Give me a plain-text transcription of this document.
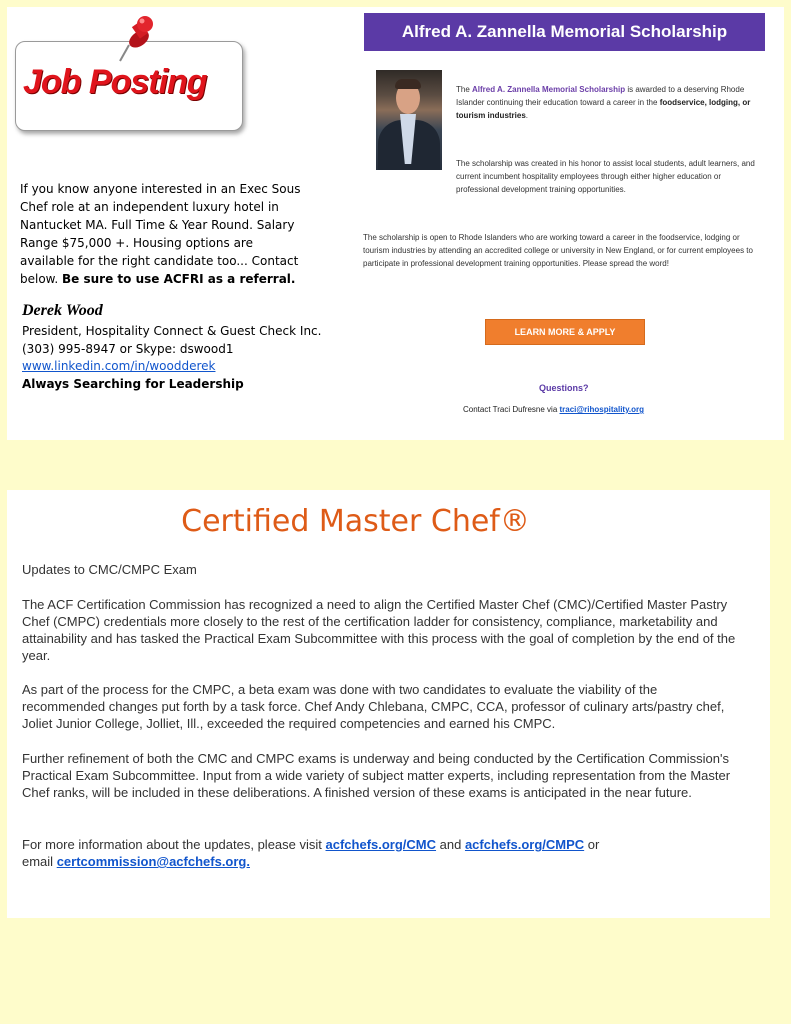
Job Posting
If you know anyone interested in an Exec Sous Chef role at an independent luxury hotel in Nantucket MA. Full Time & Year Round. Salary Range $75,000 +. Housing options are available for the right candidate too... Contact below. Be sure to use ACFRI as a referral.
Derek Wood
President, Hospitality Connect & Guest Check Inc.
(303) 995-8947 or Skype: dswood1
www.linkedin.com/in/woodderek
Always Searching for Leadership
Alfred A. Zannella Memorial Scholarship
The Alfred A. Zannella Memorial Scholarship is awarded to a deserving Rhode Islander continuing their education toward a career in the foodservice, lodging, or tourism industries.
The scholarship was created in his honor to assist local students, adult learners, and current incumbent hospitality employees through either higher education or professional development training opportunities.
The scholarship is open to Rhode Islanders who are working toward a career in the foodservice, lodging or tourism industries by attending an accredited college or university in New England, or for current employees to participate in professional development training opportunities. Please spread the word!
LEARN MORE & APPLY
Questions?
Contact Traci Dufresne via traci@rihospitality.org
Certified Master Chef®
Updates to CMC/CMPC Exam

The ACF Certification Commission has recognized a need to align the Certified Master Chef (CMC)/Certified Master Pastry Chef (CMPC) credentials more closely to the rest of the certification ladder for consistency, compliance, marketability and attainability and has tasked the Practical Exam Subcommittee with this process with the goal of completion by the end of the year.

As part of the process for the CMPC, a beta exam was done with two candidates to evaluate the viability of the recommended changes put forth by a task force. Chef Andy Chlebana, CMPC, CCA, professor of culinary arts/pastry chef, Joliet Junior College, Jolliet, Ill., exceeded the required competencies and earned his CMPC.

Further refinement of both the CMC and CMPC exams is underway and being conducted by the Certification Commission's Practical Exam Subcommittee. Input from a wide variety of subject matter experts, including representation from the Master Chef ranks, will be included in these deliberations. A finished version of these exams is anticipated in the near future.

For more information about the updates, please visit acfchefs.org/CMC and acfchefs.org/CMPC or
email certcommission@acfchefs.org.
